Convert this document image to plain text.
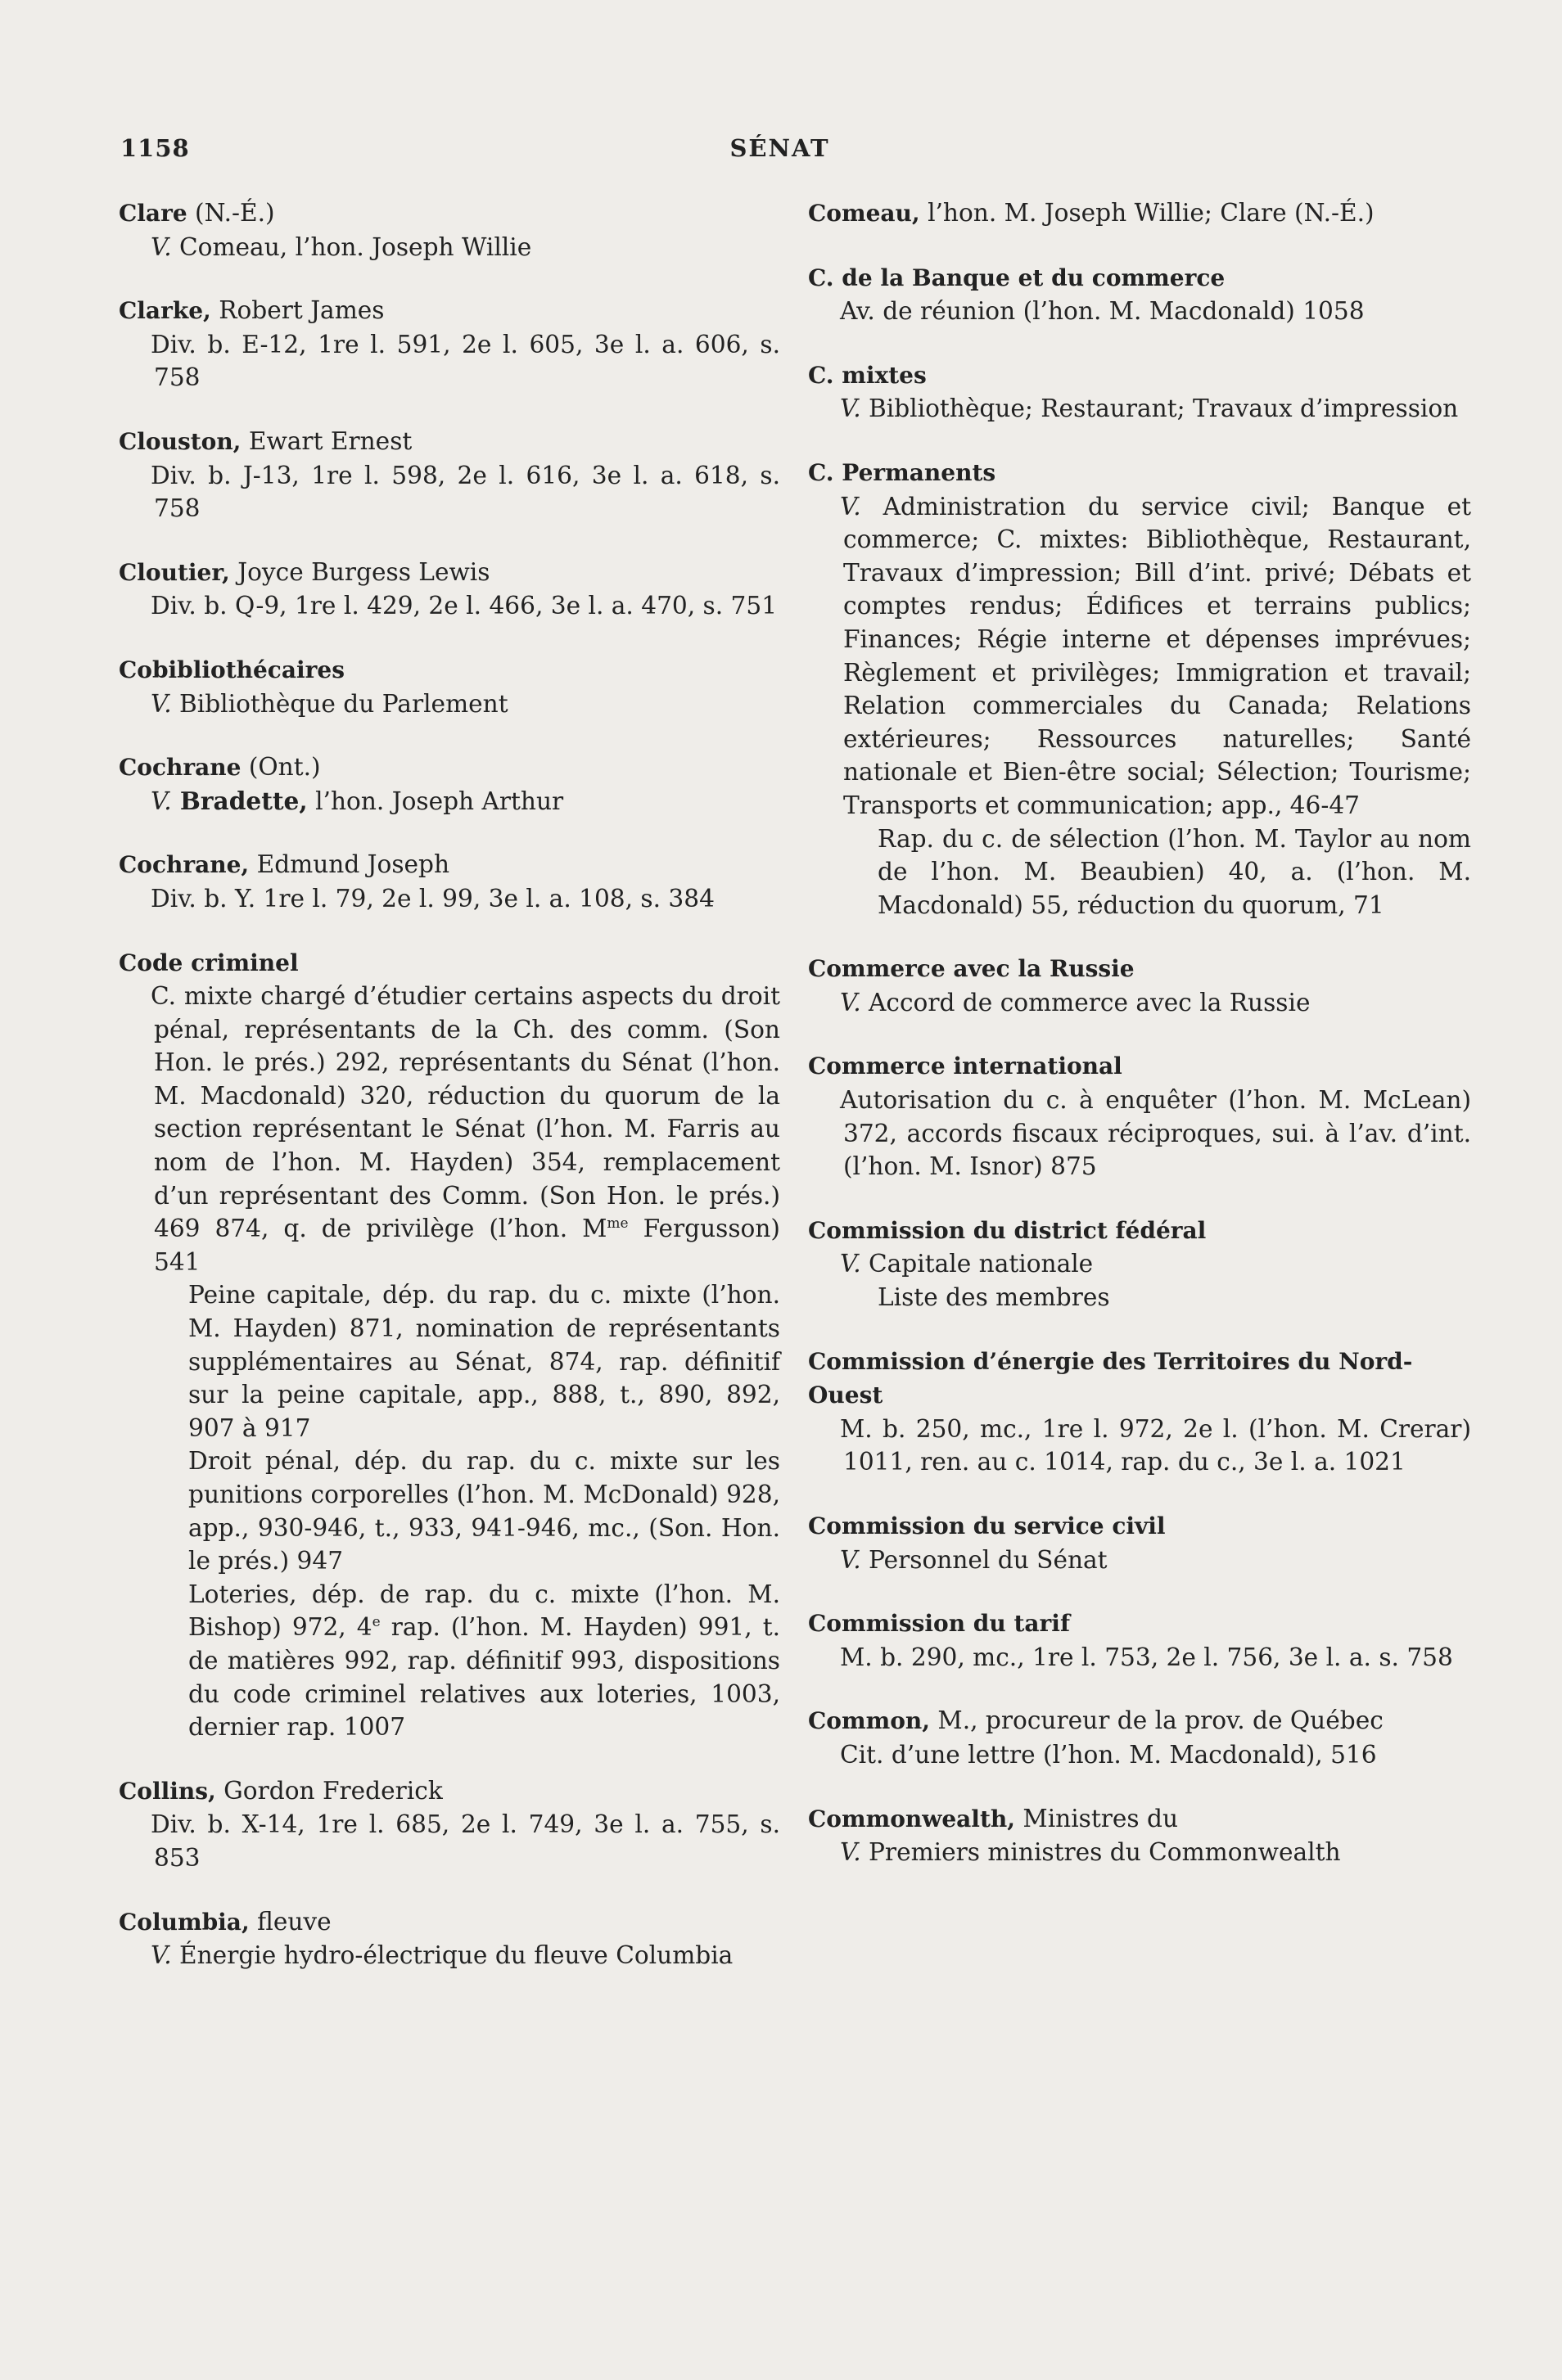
1158	SÉNAT
Clare (N.-É.)
V. Comeau, l’hon. Joseph Willie
Clarke, Robert James
Div. b. E-12, 1re l. 591, 2e l. 605, 3e l. a. 606, s. 758
Clouston, Ewart Ernest
Div. b. J-13, 1re l. 598, 2e l. 616, 3e l. a. 618, s. 758
Cloutier, Joyce Burgess Lewis
Div. b. Q-9, 1re l. 429, 2e l. 466, 3e l. a. 470, s. 751
Cobibliothécaires
V. Bibliothèque du Parlement
Cochrane (Ont.)
V. Bradette, l’hon. Joseph Arthur
Cochrane, Edmund Joseph
Div. b. Y. 1re l. 79, 2e l. 99, 3e l. a. 108, s. 384
Code criminel
C. mixte chargé d’étudier certains aspects du droit pénal, représentants de la Ch. des comm. (Son Hon. le prés.) 292, représentants du Sénat (l’hon. M. Macdonald) 320, réduction du quorum de la section représentant le Sénat (l’hon. M. Farris au nom de l’hon. M. Hayden) 354, remplacement d’un représentant des Comm. (Son Hon. le prés.) 469 874, q. de privilège (l’hon. $M^{me}$ Fergusson) 541
Peine capitale, dép. du rap. du c. mixte (l’hon. M. Hayden) 871, nomination de représentants supplémentaires au Sénat, 874, rap. définitif sur la peine capitale, app., 888, t., 890, 892, 907 à 917
Droit pénal, dép. du rap. du c. mixte sur les punitions corporelles (l’hon. M. McDonald) 928, app., 930-946, t., 933, 941-946, mc., (Son. Hon. le prés.) 947
Loteries, dép. de rap. du c. mixte (l’hon. M. Bishop) 972, 4e rap. (l’hon. M. Hayden) 991, t. de matières 992, rap. définitif 993, dispositions du code criminel relatives aux loteries, 1003, dernier rap. 1007
Collins, Gordon Frederick
Div. b. X-14, 1re l. 685, 2e l. 749, 3e l. a. 755, s. 853
Columbia, fleuve
V. Énergie hydro-électrique du fleuve Columbia
Comeau, l’hon. M. Joseph Willie; Clare (N.-É.)
C. de la Banque et du commerce
Av. de réunion (l’hon. M. Macdonald) 1058
C. mixtes
V. Bibliothèque; Restaurant; Travaux d’impression
C. Permanents
V. Administration du service civil; Banque et commerce; C. mixtes: Bibliothèque, Restaurant, Travaux d’impression; Bill d’int. privé; Débats et comptes rendus; Édifices et terrains publics; Finances; Régie interne et dépenses imprévues; Règlement et privilèges; Immigration et travail; Relation commerciales du Canada; Relations extérieures; Ressources naturelles; Santé nationale et Bien-être social; Sélection; Tourisme; Transports et communication; app., 46-47
Rap. du c. de sélection (l’hon. M. Taylor au nom de l’hon. M. Beaubien) 40, a. (l’hon. M. Macdonald) 55, réduction du quorum, 71
Commerce avec la Russie
V. Accord de commerce avec la Russie
Commerce international
Autorisation du c. à enquêter (l’hon. M. McLean) 372, accords fiscaux réciproques, sui. à l’av. d’int. (l’hon. M. Isnor) 875
Commission du district fédéral
V. Capitale nationale
Liste des membres
Commission d’énergie des Territoires du Nord-Ouest
M. b. 250, mc., 1re l. 972, 2e l. (l’hon. M. Crerar) 1011, ren. au c. 1014, rap. du c., 3e l. a. 1021
Commission du service civil
V. Personnel du Sénat
Commission du tarif
M. b. 290, mc., 1re l. 753, 2e l. 756, 3e l. a. s. 758
Common, M., procureur de la prov. de Québec
Cit. d’une lettre (l’hon. M. Macdonald), 516
Commonwealth, Ministres du
V. Premiers ministres du Commonwealth
